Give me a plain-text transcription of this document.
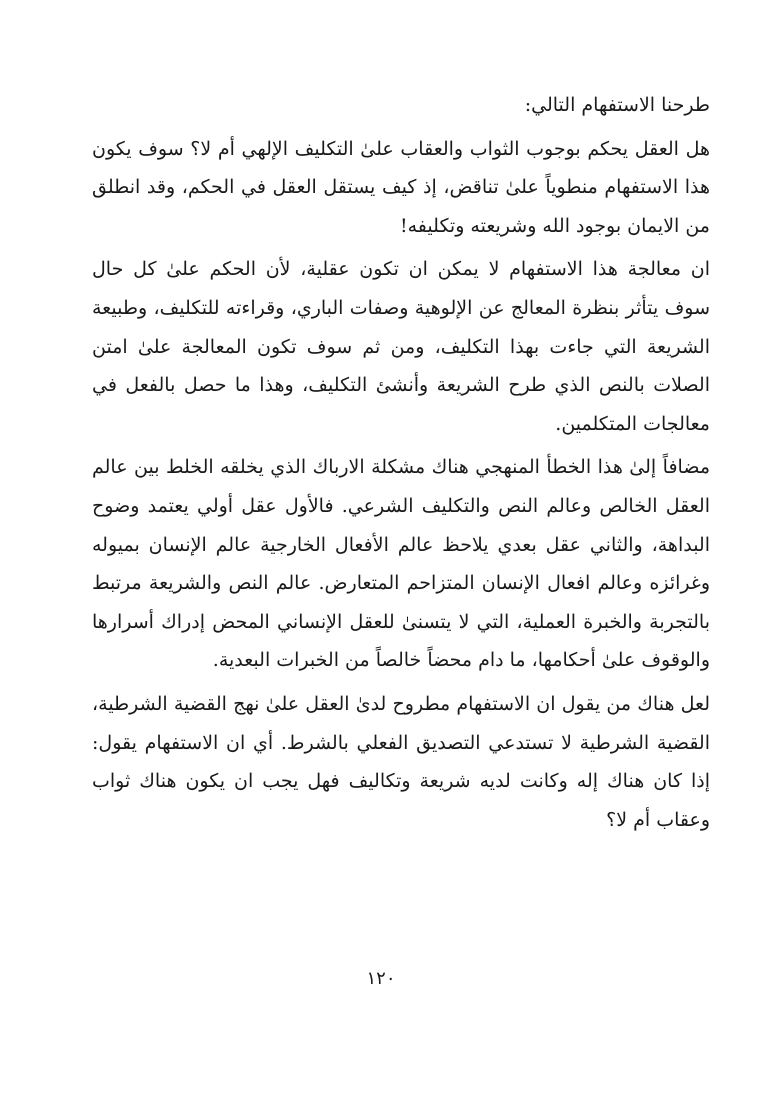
طرحنا الاستفهام التالي:

هل العقل يحكم بوجوب الثواب والعقاب علىٰ التكليف الإلهي أم لا؟ سوف يكون هذا الاستفهام منطوياً علىٰ تناقض، إذ كيف يستقل العقل في الحكم، وقد انطلق من الايمان بوجود الله وشريعته وتكليفه!

ان معالجة هذا الاستفهام لا يمكن ان تكون عقلية، لأن الحكم علىٰ كل حال سوف يتأثر بنظرة المعالج عن الإلوهية وصفات الباري، وقراءته للتكليف، وطبيعة الشريعة التي جاءت بهذا التكليف، ومن ثم سوف تكون المعالجة علىٰ امتن الصلات بالنص الذي طرح الشريعة وأنشئ التكليف، وهذا ما حصل بالفعل في معالجات المتكلمين.

مضافاً إلىٰ هذا الخطأ المنهجي هناك مشكلة الارباك الذي يخلقه الخلط بين عالم العقل الخالص وعالم النص والتكليف الشرعي. فالأول عقل أولي يعتمد وضوح البداهة، والثاني عقل بعدي يلاحظ عالم الأفعال الخارجية عالم الإنسان بميوله وغرائزه وعالم افعال الإنسان المتزاحم المتعارض. عالم النص والشريعة مرتبط بالتجربة والخبرة العملية، التي لا يتسنىٰ للعقل الإنساني المحض إدراك أسرارها والوقوف علىٰ أحكامها، ما دام محضاً خالصاً من الخبرات البعدية.

لعل هناك من يقول ان الاستفهام مطروح لدىٰ العقل علىٰ نهج القضية الشرطية، القضية الشرطية لا تستدعي التصديق الفعلي بالشرط. أي ان الاستفهام يقول: إذا كان هناك إله وكانت لديه شريعة وتكاليف فهل يجب ان يكون هناك ثواب وعقاب أم لا؟

١٢٠
